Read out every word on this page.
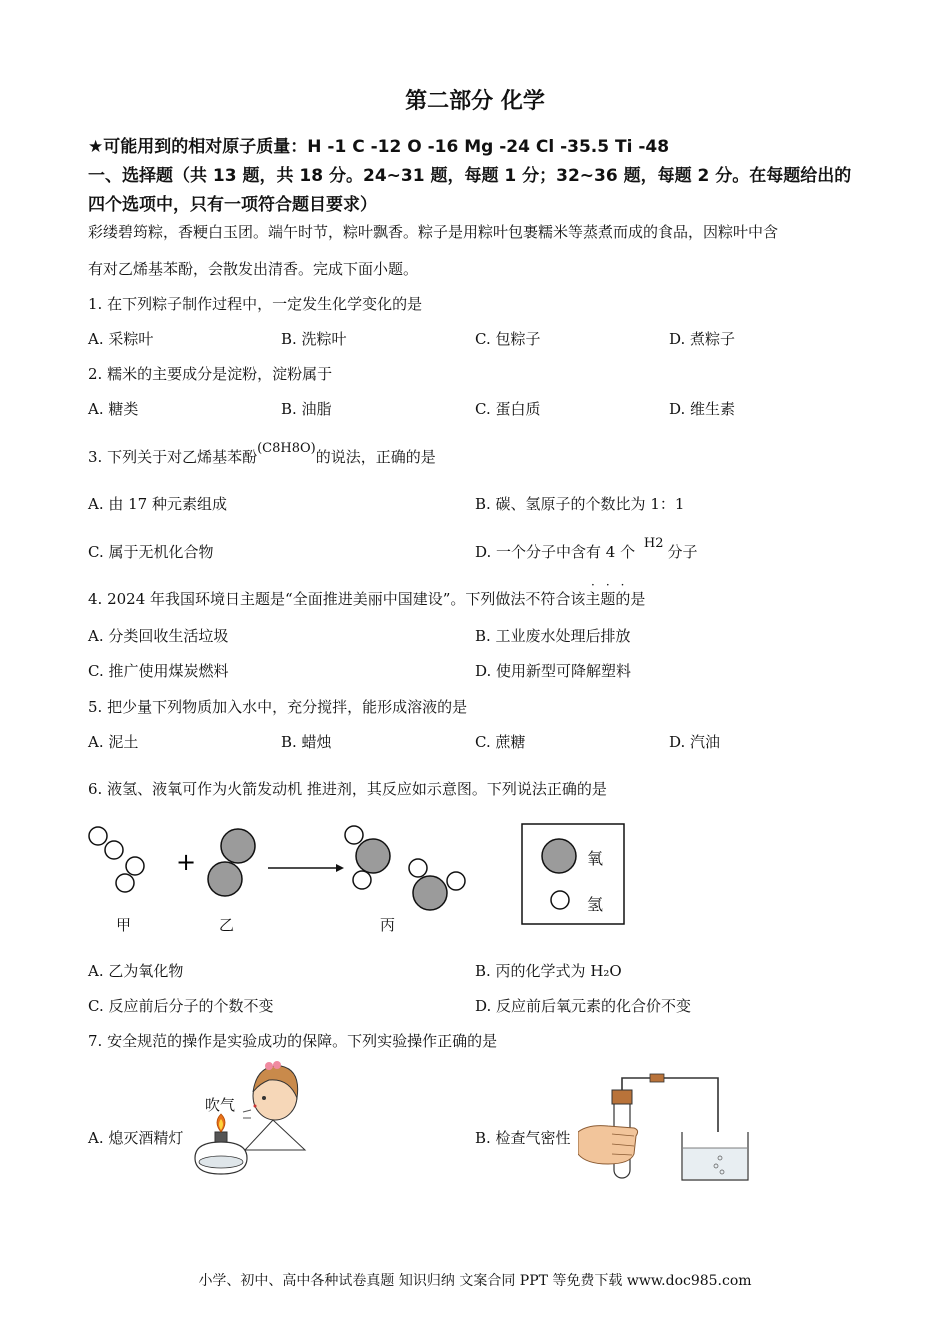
第二部分 化学
★可能用到的相对原子质量：H -1 C -12 O -16 Mg -24 Cl -35.5 Ti -48
一、选择题（共 13 题，共 18 分。24~31 题，每题 1 分；32~36 题，每题 2 分。在每题给出的
四个选项中，只有一项符合题目要求）
彩缕碧筠粽，香粳白玉团。端午时节，粽叶飘香。粽子是用粽叶包裹糯米等蒸煮而成的食品，因粽叶中含
有对乙烯基苯酚，会散发出清香。完成下面小题。
1. 在下列粽子制作过程中，一定发生化学变化的是
A. 采粽叶	B. 洗粽叶	C. 包粽子	D. 煮粽子
2. 糯米的主要成分是淀粉，淀粉属于
A. 糖类	B. 油脂	C. 蛋白质	D. 维生素
3. 下列关于对乙烯基苯酚(C8H8O)的说法，正确的是
A. 由 17 种元素组成	B. 碳、氢原子的个数比为 1：1
C. 属于无机化合物	D. 一个分子中含有 4 个 H2 分子
4. 2024 年我国环境日主题是“全面推进美丽中国建设”。下列做法不符合该主题的是
···
A. 分类回收生活垃圾	B. 工业废水处理后排放
C. 推广使用煤炭燃料	D. 使用新型可降解塑料
5. 把少量下列物质加入水中，充分搅拌，能形成溶液的是
A. 泥土	B. 蜡烛	C. 蔗糖	D. 汽油
6. 液氢、液氧可作为火箭发动机 推进剂，其反应如示意图。下列说法正确的是
+	氧
氢
甲	乙	丙
A. 乙为氧化物	B. 丙的化学式为 H₂O
C. 反应前后分子的个数不变	D. 反应前后氧元素的化合价不变
7. 安全规范的操作是实验成功的保障。下列实验操作正确的是
A. 熄灭酒精灯	B. 检查气密性
吹气
小学、初中、高中各种试卷真题 知识归纳 文案合同 PPT 等免费下载 www.doc985.com
